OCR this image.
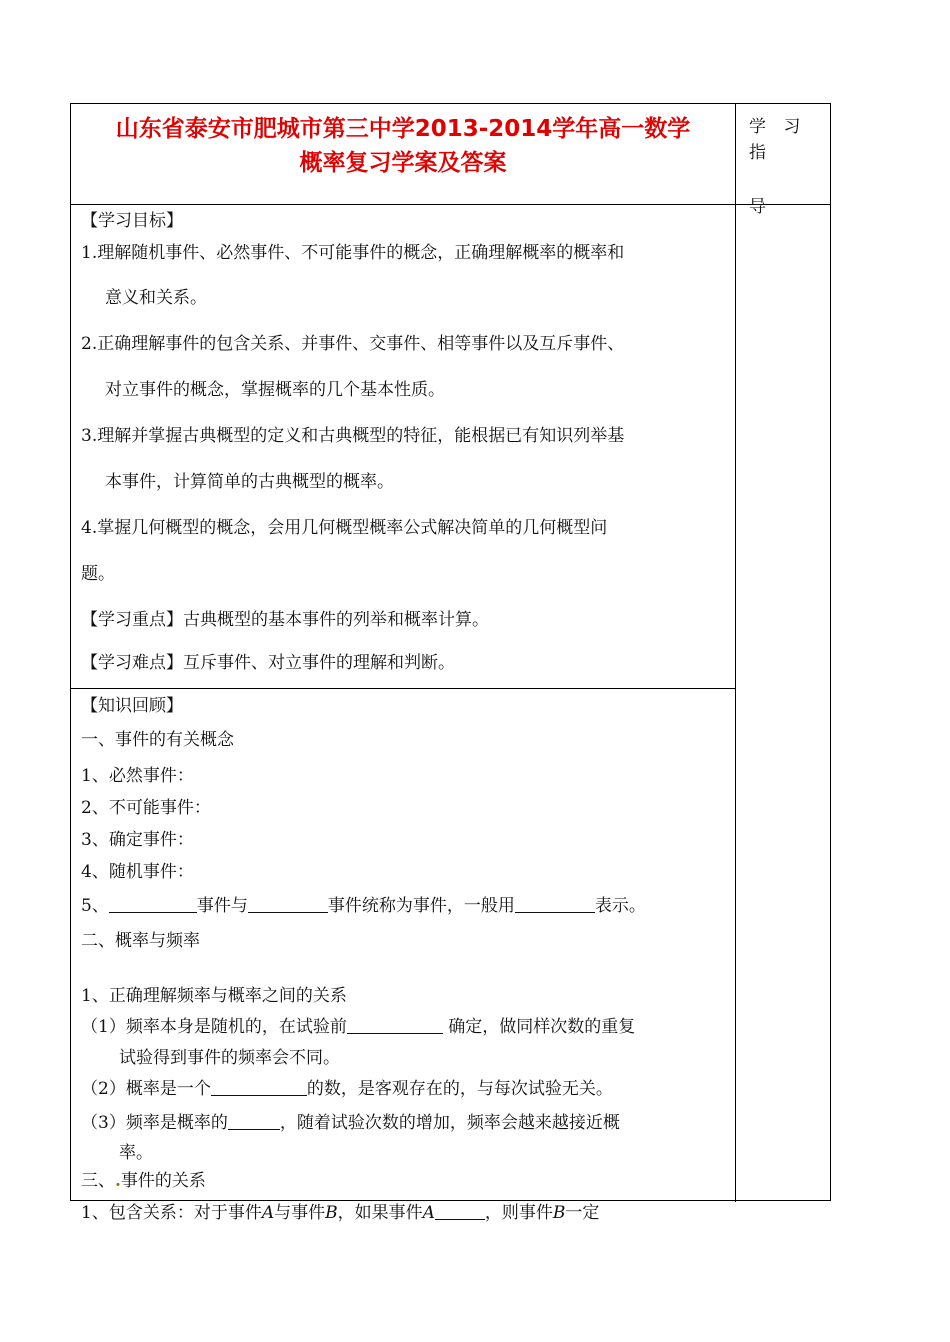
山东省泰安市肥城市第三中学2013-2014学年高一数学
概率复习学案及答案
学 习指
导
【学习目标】
1.理解随机事件、必然事件、不可能事件的概念，正确理解概率的概率和
意义和关系。
2.正确理解事件的包含关系、并事件、交事件、相等事件以及互斥事件、
对立事件的概念，掌握概率的几个基本性质。
3.理解并掌握古典概型的定义和古典概型的特征，能根据已有知识列举基
本事件，计算简单的古典概型的概率。
4.掌握几何概型的概念，会用几何概型概率公式解决简单的几何概型问
题。
【学习重点】古典概型的基本事件的列举和概率计算。
【学习难点】互斥事件、对立事件的理解和判断。
【知识回顾】
一、事件的有关概念
1、必然事件：
2、不可能事件：
3、确定事件：
4、随机事件：
5、	事件与	事件统称为事件，一般用	表示。
二、概率与频率

1、正确理解频率与概率之间的关系
（1）频率本身是随机的，在试验前	确定，做同样次数的重复
试验得到事件的频率会不同。
（2）概率是一个	的数，是客观存在的，与每次试验无关。
（3）频率是概率的	，随着试验次数的增加，频率会越来越接近概
率。
三、.事件的关系
1、包含关系：对于事件A与事件B，如果事件A	，则事件B一定
